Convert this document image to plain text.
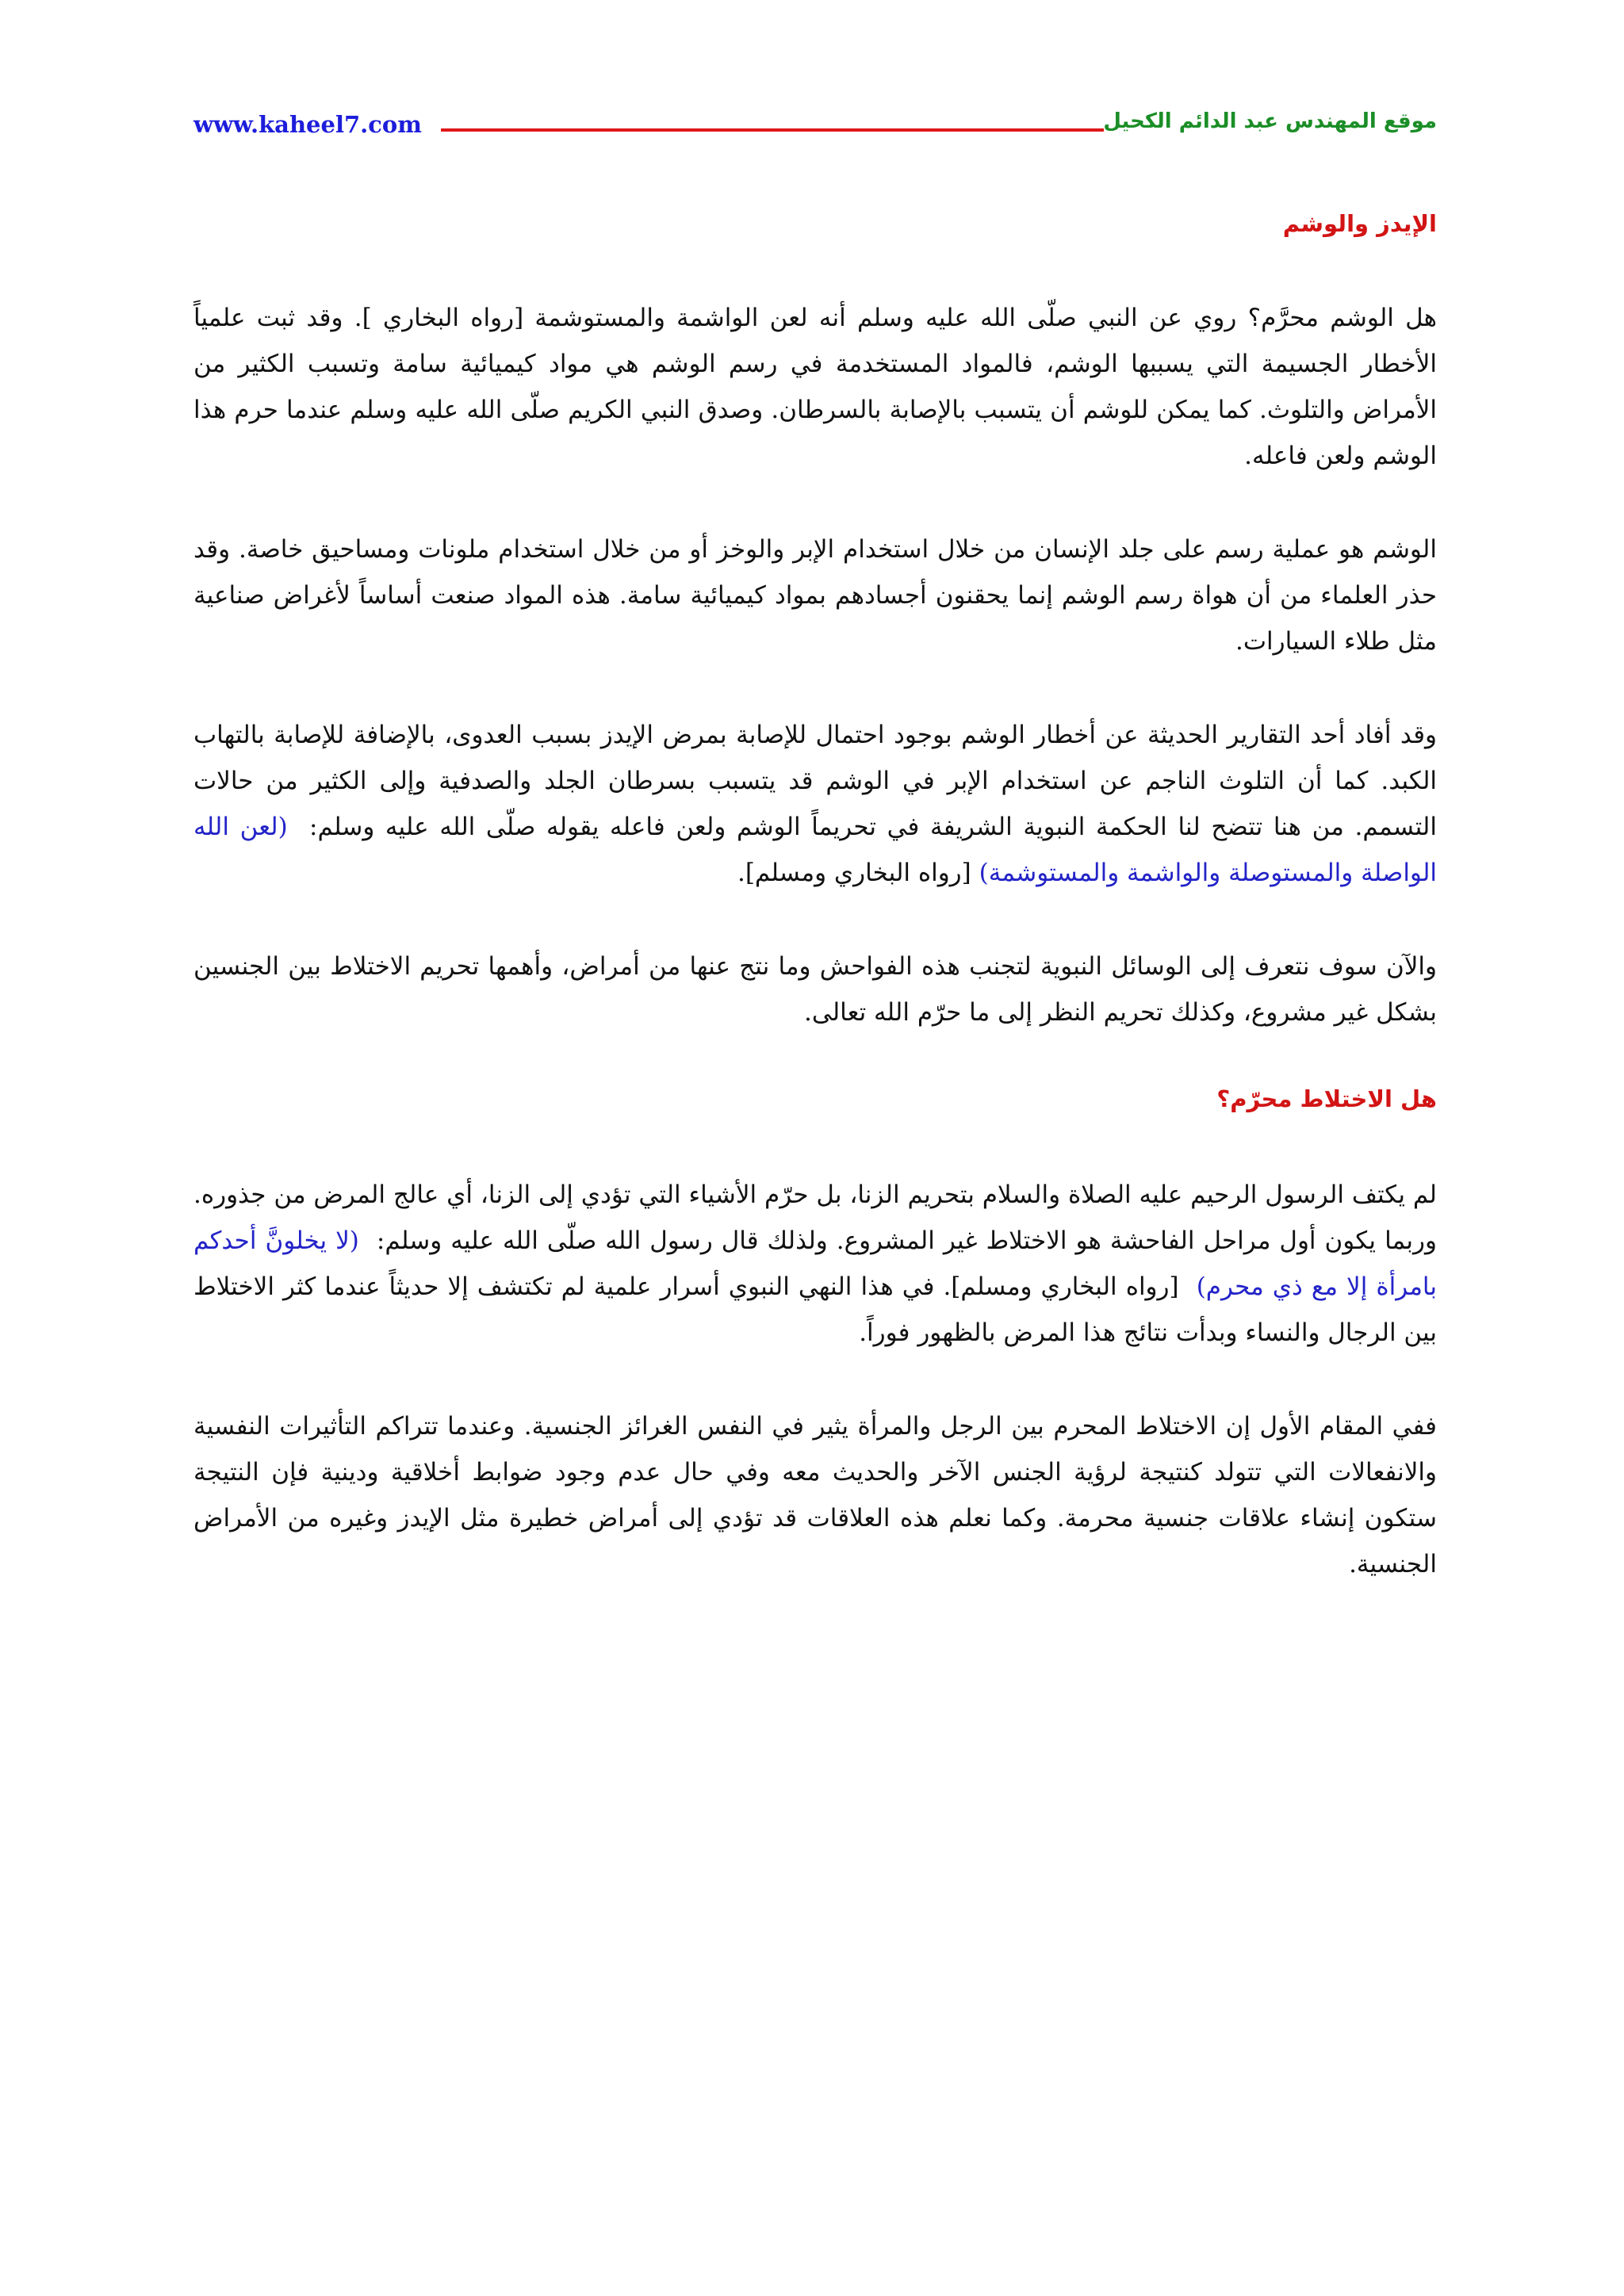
www.kaheel7.com	موقع المهندس عبد الدائم الكحيل
الإيدز والوشم

هل الوشم محرَّم؟ روي عن النبي صلّى الله عليه وسلم أنه لعن الواشمة والمستوشمة [رواه البخاري ]. وقد ثبت علمياً الأخطار الجسيمة التي يسببها الوشم، فالمواد المستخدمة في رسم الوشم هي مواد كيميائية سامة وتسبب الكثير من الأمراض والتلوث. كما يمكن للوشم أن يتسبب بالإصابة بالسرطان. وصدق النبي الكريم صلّى الله عليه وسلم عندما حرم هذا الوشم ولعن فاعله.

الوشم هو عملية رسم على جلد الإنسان من خلال استخدام الإبر والوخز أو من خلال استخدام ملونات ومساحيق خاصة. وقد حذر العلماء من أن هواة رسم الوشم إنما يحقنون أجسادهم بمواد كيميائية سامة. هذه المواد صنعت أساساً لأغراض صناعية مثل طلاء السيارات.

وقد أفاد أحد التقارير الحديثة عن أخطار الوشم بوجود احتمال للإصابة بمرض الإيدز بسبب العدوى، بالإضافة للإصابة بالتهاب الكبد. كما أن التلوث الناجم عن استخدام الإبر في الوشم قد يتسبب بسرطان الجلد والصدفية وإلى الكثير من حالات التسمم. من هنا تتضح لنا الحكمة النبوية الشريفة في تحريماً الوشم ولعن فاعله يقوله صلّى الله عليه وسلم:  (لعن الله الواصلة والمستوصلة والواشمة والمستوشمة) [رواه البخاري ومسلم].

والآن سوف نتعرف إلى الوسائل النبوية لتجنب هذه الفواحش وما نتج عنها من أمراض، وأهمها تحريم الاختلاط بين الجنسين بشكل غير مشروع، وكذلك تحريم النظر إلى ما حرّم الله تعالى.

هل الاختلاط محرّم؟

لم يكتف الرسول الرحيم عليه الصلاة والسلام بتحريم الزنا، بل حرّم الأشياء التي تؤدي إلى الزنا، أي عالج المرض من جذوره. وربما يكون أول مراحل الفاحشة هو الاختلاط غير المشروع. ولذلك قال رسول الله صلّى الله عليه وسلم:  (لا يخلونَّ أحدكم بامرأة إلا مع ذي محرم)  [رواه البخاري ومسلم]. في هذا النهي النبوي أسرار علمية لم تكتشف إلا حديثاً عندما كثر الاختلاط بين الرجال والنساء وبدأت نتائج هذا المرض بالظهور فوراً.

ففي المقام الأول إن الاختلاط المحرم بين الرجل والمرأة يثير في النفس الغرائز الجنسية. وعندما تتراكم التأثيرات النفسية والانفعالات التي تتولد كنتيجة لرؤية الجنس الآخر والحديث معه وفي حال عدم وجود ضوابط أخلاقية ودينية فإن النتيجة ستكون إنشاء علاقات جنسية محرمة. وكما نعلم هذه العلاقات قد تؤدي إلى أمراض خطيرة مثل الإيدز وغيره من الأمراض الجنسية.
